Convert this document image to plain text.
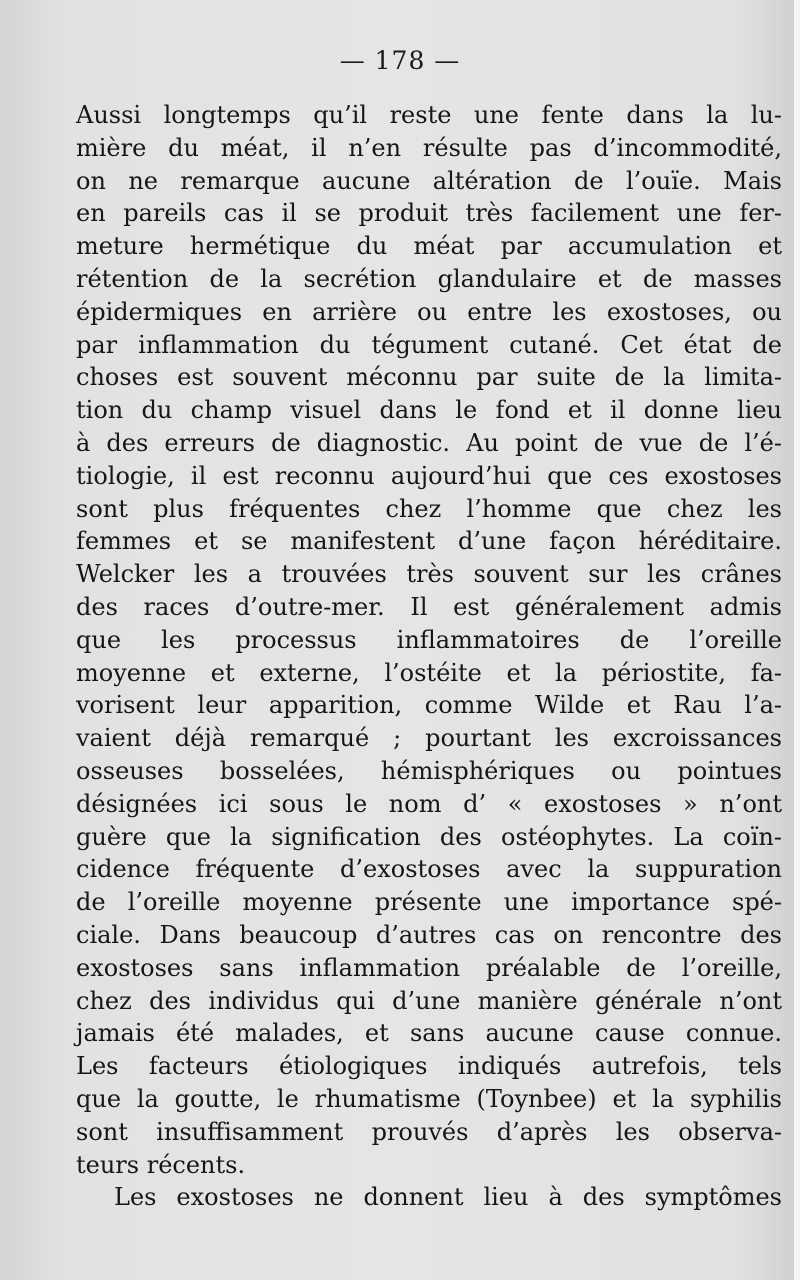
— 178 —

Aussi longtemps qu’il reste une fente dans la lu-
mière du méat, il n’en résulte pas d’incommodité,
on ne remarque aucune altération de l’ouïe. Mais
en pareils cas il se produit très facilement une fer-
meture hermétique du méat par accumulation et
rétention de la secrétion glandulaire et de masses
épidermiques en arrière ou entre les exostoses, ou
par inflammation du tégument cutané. Cet état de
choses est souvent méconnu par suite de la limita-
tion du champ visuel dans le fond et il donne lieu
à des erreurs de diagnostic. Au point de vue de l’é-
tiologie, il est reconnu aujourd’hui que ces exostoses
sont plus fréquentes chez l’homme que chez les
femmes et se manifestent d’une façon héréditaire.
Welcker les a trouvées très souvent sur les crânes
des races d’outre-mer. Il est généralement admis
que les processus inflammatoires de l’oreille
moyenne et externe, l’ostéite et la périostite, fa-
vorisent leur apparition, comme Wilde et Rau l’a-
vaient déjà remarqué ; pourtant les excroissances
osseuses bosselées, hémisphériques ou pointues
désignées ici sous le nom d’ « exostoses » n’ont
guère que la signification des ostéophytes. La coïn-
cidence fréquente d’exostoses avec la suppuration
de l’oreille moyenne présente une importance spé-
ciale. Dans beaucoup d’autres cas on rencontre des
exostoses sans inflammation préalable de l’oreille,
chez des individus qui d’une manière générale n’ont
jamais été malades, et sans aucune cause connue.
Les facteurs étiologiques indiqués autrefois, tels
que la goutte, le rhumatisme (Toynbee) et la syphilis
sont insuffisamment prouvés d’après les observa-
teurs récents.
Les exostoses ne donnent lieu à des symptômes
